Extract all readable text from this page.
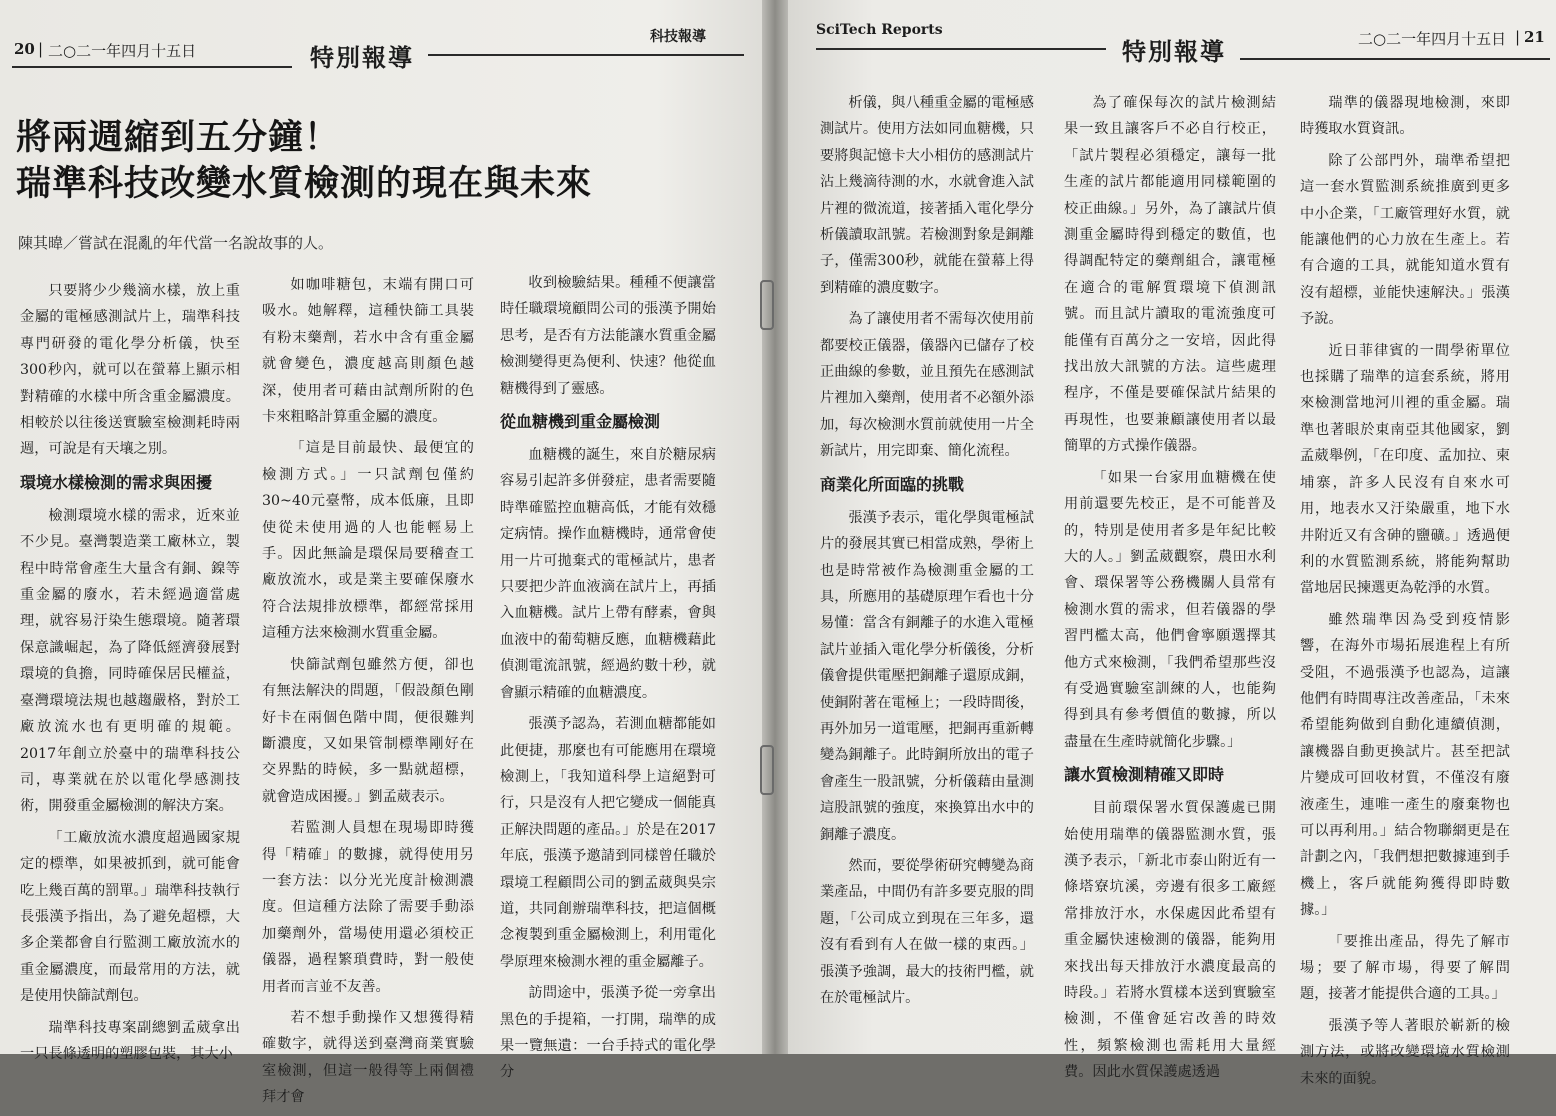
20 | 二○二一年四月十五日	特別報導
科技報導
將兩週縮到五分鐘！
瑞準科技改變水質檢測的現在與未來
陳其暐／嘗試在混亂的年代當一名說故事的人。

只要將少少幾滴水樣，放上重金屬的電極感測試片上，瑞準科技專門研發的電化學分析儀，快至300秒內，就可以在螢幕上顯示相對精確的水樣中所含重金屬濃度。相較於以往後送實驗室檢測耗時兩週，可說是有天壤之別。

環境水樣檢測的需求與困擾

檢測環境水樣的需求，近來並不少見。臺灣製造業工廠林立，製程中時常會產生大量含有銅、鎳等重金屬的廢水，若未經過適當處理，就容易汙染生態環境。隨著環保意識崛起，為了降低經濟發展對環境的負擔，同時確保居民權益，臺灣環境法規也越趨嚴格，對於工廠放流水也有更明確的規範。2017年創立於臺中的瑞準科技公司，專業就在於以電化學感測技術，開發重金屬檢測的解決方案。

「工廠放流水濃度超過國家規定的標準，如果被抓到，就可能會吃上幾百萬的罰單。」瑞準科技執行長張漢予指出，為了避免超標，大多企業都會自行監測工廠放流水的重金屬濃度，而最常用的方法，就是使用快篩試劑包。

瑞準科技專案副總劉孟葳拿出一只長條透明的塑膠包裝，其大小

如咖啡糖包，末端有開口可吸水。她解釋，這種快篩工具裝有粉末藥劑，若水中含有重金屬就會變色，濃度越高則顏色越深，使用者可藉由試劑所附的色卡來粗略計算重金屬的濃度。

「這是目前最快、最便宜的檢測方式。」一只試劑包僅約30~40元臺幣，成本低廉，且即使從未使用過的人也能輕易上手。因此無論是環保局要稽查工廠放流水，或是業主要確保廢水符合法規排放標準，都經常採用這種方法來檢測水質重金屬。

快篩試劑包雖然方便，卻也有無法解決的問題，「假設顏色剛好卡在兩個色階中間，便很難判斷濃度，又如果管制標準剛好在交界點的時候，多一點就超標，就會造成困擾。」劉孟葳表示。

若監測人員想在現場即時獲得「精確」的數據，就得使用另一套方法：以分光光度計檢測濃度。但這種方法除了需要手動添加藥劑外，當場使用還必須校正儀器，過程繁瑣費時，對一般使用者而言並不友善。

若不想手動操作又想獲得精確數字，就得送到臺灣商業實驗室檢測，但這一般得等上兩個禮拜才會

收到檢驗結果。種種不便讓當時任職環境顧問公司的張漢予開始思考，是否有方法能讓水質重金屬檢測變得更為便利、快速？他從血糖機得到了靈感。

從血糖機到重金屬檢測

血糖機的誕生，來自於糖尿病容易引起許多併發症，患者需要隨時準確監控血糖高低，才能有效穩定病情。操作血糖機時，通常會使用一片可拋棄式的電極試片，患者只要把少許血液滴在試片上，再插入血糖機。試片上帶有酵素，會與血液中的葡萄糖反應，血糖機藉此偵測電流訊號，經過約數十秒，就會顯示精確的血糖濃度。

張漢予認為，若測血糖都能如此便捷，那麼也有可能應用在環境檢測上，「我知道科學上這絕對可行，只是沒有人把它變成一個能真正解決問題的產品。」於是在2017年底，張漢予邀請到同樣曾任職於環境工程顧問公司的劉孟葳與吳宗道，共同創辦瑞準科技，把這個概念複製到重金屬檢測上，利用電化學原理來檢測水裡的重金屬離子。

訪問途中，張漢予從一旁拿出黑色的手提箱，一打開，瑞準的成果一覽無遺：一台手持式的電化學分

SciTech Reports
特別報導	二○二一年四月十五日 | 21

析儀，與八種重金屬的電極感測試片。使用方法如同血糖機，只要將與記憶卡大小相仿的感測試片沾上幾滴待測的水，水就會進入試片裡的微流道，接著插入電化學分析儀讀取訊號。若檢測對象是銅離子，僅需300秒，就能在螢幕上得到精確的濃度數字。

為了讓使用者不需每次使用前都要校正儀器，儀器內已儲存了校正曲線的參數，並且預先在感測試片裡加入藥劑，使用者不必額外添加，每次檢測水質前就使用一片全新試片，用完即棄、簡化流程。

商業化所面臨的挑戰

張漢予表示，電化學與電極試片的發展其實已相當成熟，學術上也是時常被作為檢測重金屬的工具，所應用的基礎原理乍看也十分易懂：當含有銅離子的水進入電極試片並插入電化學分析儀後，分析儀會提供電壓把銅離子還原成銅，使銅附著在電極上；一段時間後，再外加另一道電壓，把銅再重新轉變為銅離子。此時銅所放出的電子會產生一股訊號，分析儀藉由量測這股訊號的強度，來換算出水中的銅離子濃度。

然而，要從學術研究轉變為商業產品，中間仍有許多要克服的問題，「公司成立到現在三年多，還沒有看到有人在做一樣的東西。」張漢予強調，最大的技術門檻，就在於電極試片。

為了確保每次的試片檢測結果一致且讓客戶不必自行校正，「試片製程必須穩定，讓每一批生產的試片都能適用同樣範圍的校正曲線。」另外，為了讓試片偵測重金屬時得到穩定的數值，也得調配特定的藥劑組合，讓電極在適合的電解質環境下偵測訊號。而且試片讀取的電流強度可能僅有百萬分之一安培，因此得找出放大訊號的方法。這些處理程序，不僅是要確保試片結果的再現性，也要兼顧讓使用者以最簡單的方式操作儀器。

「如果一台家用血糖機在使用前還要先校正，是不可能普及的，特別是使用者多是年紀比較大的人。」劉孟葳觀察，農田水利會、環保署等公務機關人員常有檢測水質的需求，但若儀器的學習門檻太高，他們會寧願選擇其他方式來檢測，「我們希望那些沒有受過實驗室訓練的人，也能夠得到具有參考價值的數據，所以盡量在生產時就簡化步驟。」

讓水質檢測精確又即時

目前環保署水質保護處已開始使用瑞準的儀器監測水質，張漢予表示，「新北市泰山附近有一條塔寮坑溪，旁邊有很多工廠經常排放汙水，水保處因此希望有重金屬快速檢測的儀器，能夠用來找出每天排放汙水濃度最高的時段。」若將水質樣本送到實驗室檢測，不僅會延宕改善的時效性，頻繁檢測也需耗用大量經費。因此水質保護處透過

瑞準的儀器現地檢測，來即時獲取水質資訊。

除了公部門外，瑞準希望把這一套水質監測系統推廣到更多中小企業，「工廠管理好水質，就能讓他們的心力放在生產上。若有合適的工具，就能知道水質有沒有超標，並能快速解決。」張漢予說。

近日菲律賓的一間學術單位也採購了瑞準的這套系統，將用來檢測當地河川裡的重金屬。瑞準也著眼於東南亞其他國家，劉孟葳舉例，「在印度、孟加拉、柬埔寨，許多人民沒有自來水可用，地表水又汙染嚴重，地下水井附近又有含砷的鹽礦。」透過便利的水質監測系統，將能夠幫助當地居民揀選更為乾淨的水質。

雖然瑞準因為受到疫情影響，在海外市場拓展進程上有所受阻，不過張漢予也認為，這讓他們有時間專注改善產品，「未來希望能夠做到自動化連續偵測，讓機器自動更換試片。甚至把試片變成可回收材質，不僅沒有廢液產生，連唯一產生的廢棄物也可以再利用。」結合物聯網更是在計劃之內，「我們想把數據連到手機上，客戶就能夠獲得即時數據。」

「要推出產品，得先了解市場；要了解市場，得要了解問題，接著才能提供合適的工具。」

張漢予等人著眼於嶄新的檢測方法，或將改變環境水質檢測未來的面貌。
